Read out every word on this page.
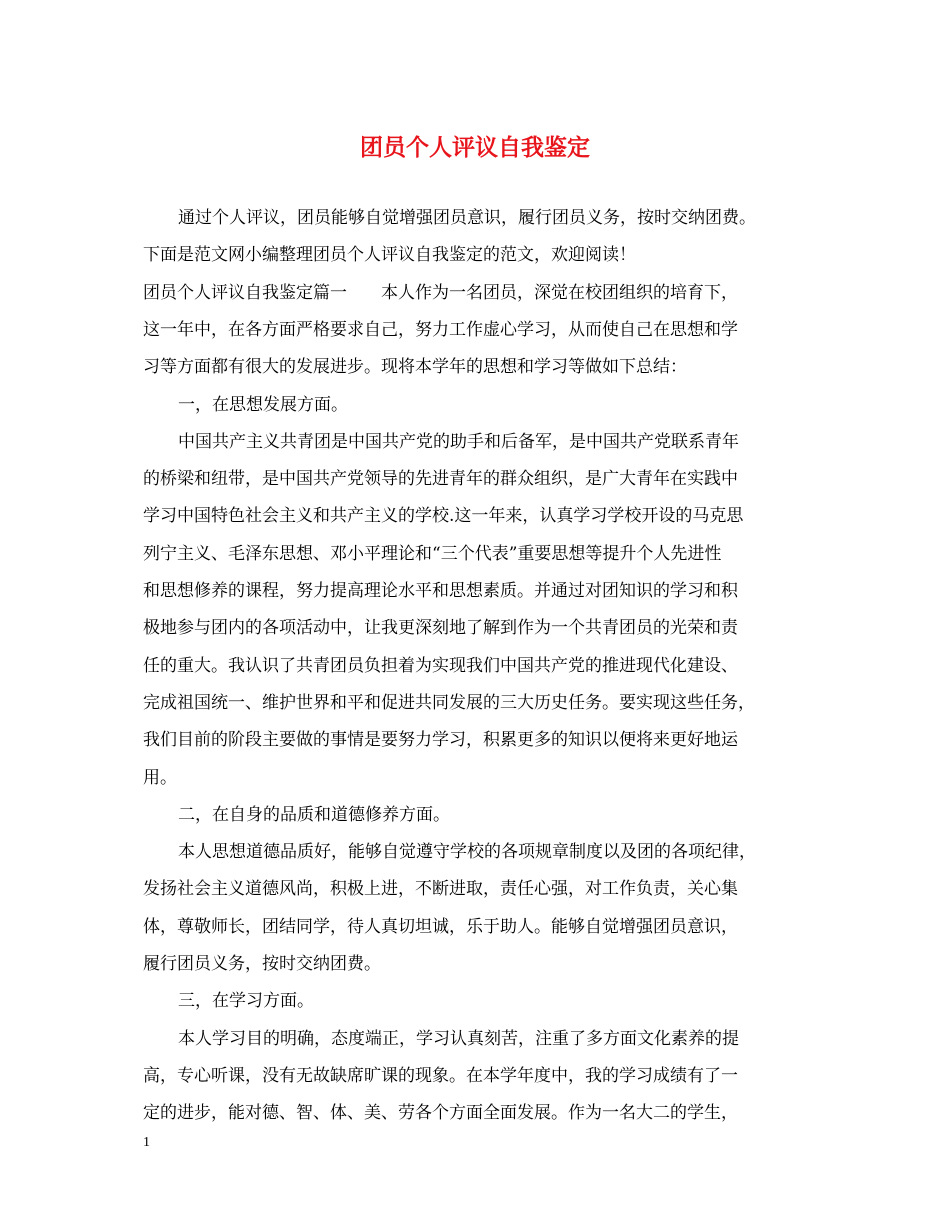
团员个人评议自我鉴定
通过个人评议，团员能够自觉增强团员意识，履行团员义务，按时交纳团费。
下面是范文网小编整理团员个人评议自我鉴定的范文，欢迎阅读！
团员个人评议自我鉴定篇一　　本人作为一名团员，深觉在校团组织的培育下，
这一年中，在各方面严格要求自己，努力工作虚心学习，从而使自己在思想和学
习等方面都有很大的发展进步。现将本学年的思想和学习等做如下总结：
一，在思想发展方面。
中国共产主义共青团是中国共产党的助手和后备军，是中国共产党联系青年
的桥梁和纽带，是中国共产党领导的先进青年的群众组织，是广大青年在实践中
学习中国特色社会主义和共产主义的学校.这一年来，认真学习学校开设的马克思
列宁主义、毛泽东思想、邓小平理论和“三个代表”重要思想等提升个人先进性
和思想修养的课程，努力提高理论水平和思想素质。并通过对团知识的学习和积
极地参与团内的各项活动中，让我更深刻地了解到作为一个共青团员的光荣和责
任的重大。我认识了共青团员负担着为实现我们中国共产党的推进现代化建设、
完成祖国统一、维护世界和平和促进共同发展的三大历史任务。要实现这些任务，
我们目前的阶段主要做的事情是要努力学习，积累更多的知识以便将来更好地运
用。
二，在自身的品质和道德修养方面。
本人思想道德品质好，能够自觉遵守学校的各项规章制度以及团的各项纪律，
发扬社会主义道德风尚，积极上进，不断进取，责任心强，对工作负责，关心集
体，尊敬师长，团结同学，待人真切坦诚，乐于助人。能够自觉增强团员意识，
履行团员义务，按时交纳团费。
三，在学习方面。
本人学习目的明确，态度端正，学习认真刻苦，注重了多方面文化素养的提
高，专心听课，没有无故缺席旷课的现象。在本学年度中，我的学习成绩有了一
定的进步，能对德、智、体、美、劳各个方面全面发展。作为一名大二的学生，
1
